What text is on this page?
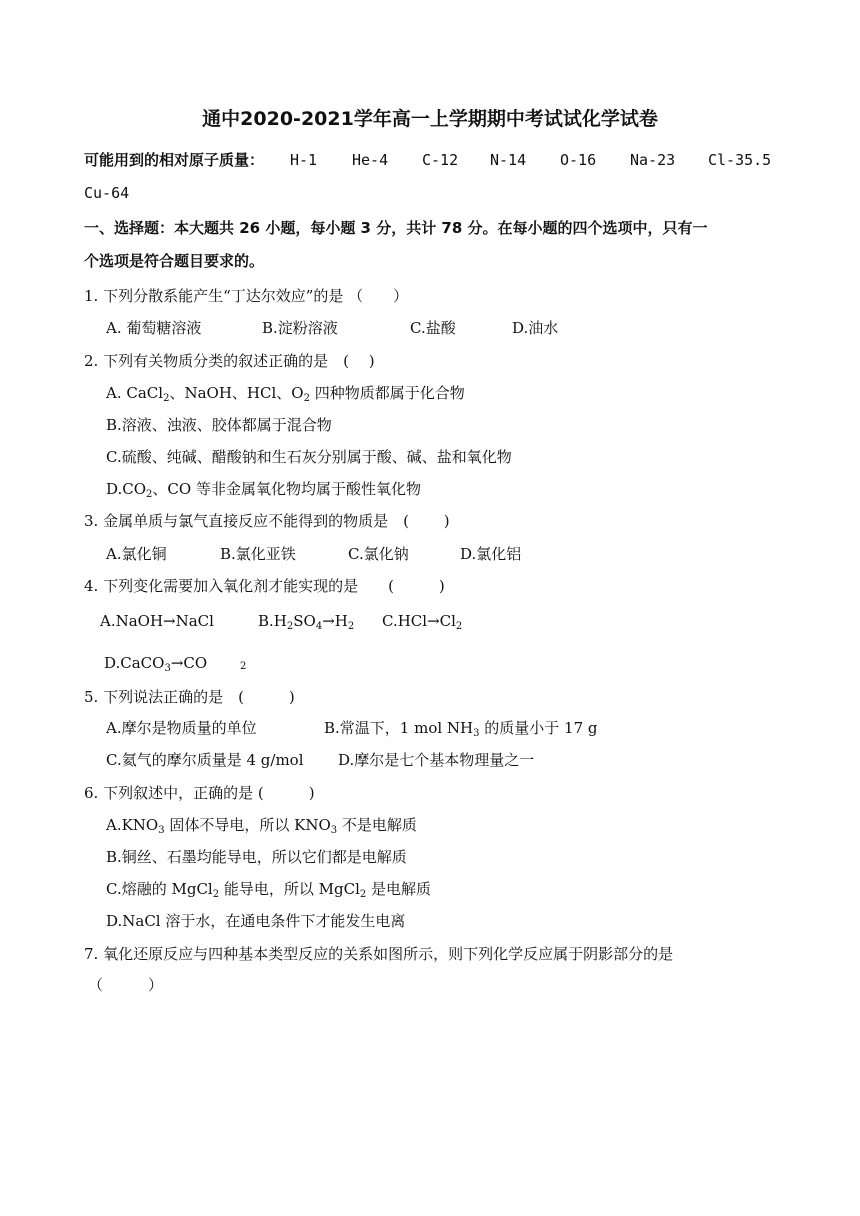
通中2020-2021学年高一上学期期中考试试化学试卷
可能用到的相对原子质量： H-1 He-4 C-12 N-14 O-16 Na-23 Cl-35.5
Cu-64
一、选择题：本大题共 26 小题，每小题 3 分，共计 78 分。在每小题的四个选项中，只有一
个选项是符合题目要求的。
1. 下列分散系能产生“丁达尔效应”的是 （　　）
A. 葡萄糖溶液	B.淀粉溶液	C.盐酸	D.油水
2. 下列有关物质分类的叙述正确的是　(　 )
A. CaCl$_2$、NaOH、HCl、$O_2$ 四种物质都属于化合物
B.溶液、浊液、胶体都属于混合物
C.硫酸、纯碱、醋酸钠和生石灰分别属于酸、碱、盐和氧化物
$D.CO_2$、CO 等非金属氧化物均属于酸性氧化物
3. 金属单质与氯气直接反应不能得到的物质是　(　　 )
A.氯化铜	B.氯化亚铁	C.氯化钠	D.氯化铝
4. 下列变化需要加入氧化剂才能实现的是　　(　　　)
A.NaOH→NaCl	$B.H_2SO_4\to H_2$ $C.HCl\to Cl_2$
D.CaCO$_3$→CO	2
5. 下列说法正确的是　(　　　)
A.摩尔是物质量的单位	B.常温下，1 mol $NH_3$ 的质量小于 17 g
C.氦气的摩尔质量是 4 g/mol D.摩尔是七个基本物理量之一
6. 下列叙述中，正确的是 (　　　)
$A.KNO_3$ 固体不导电，所以 $KNO_3$ 不是电解质
B.铜丝、石墨均能导电，所以它们都是电解质
C.熔融的 MgCl$_2$ 能导电，所以 MgCl$_2$ 是电解质
D.NaCl 溶于水，在通电条件下才能发生电离
7. 氧化还原反应与四种基本类型反应的关系如图所示，则下列化学反应属于阴影部分的是
（　　　）
